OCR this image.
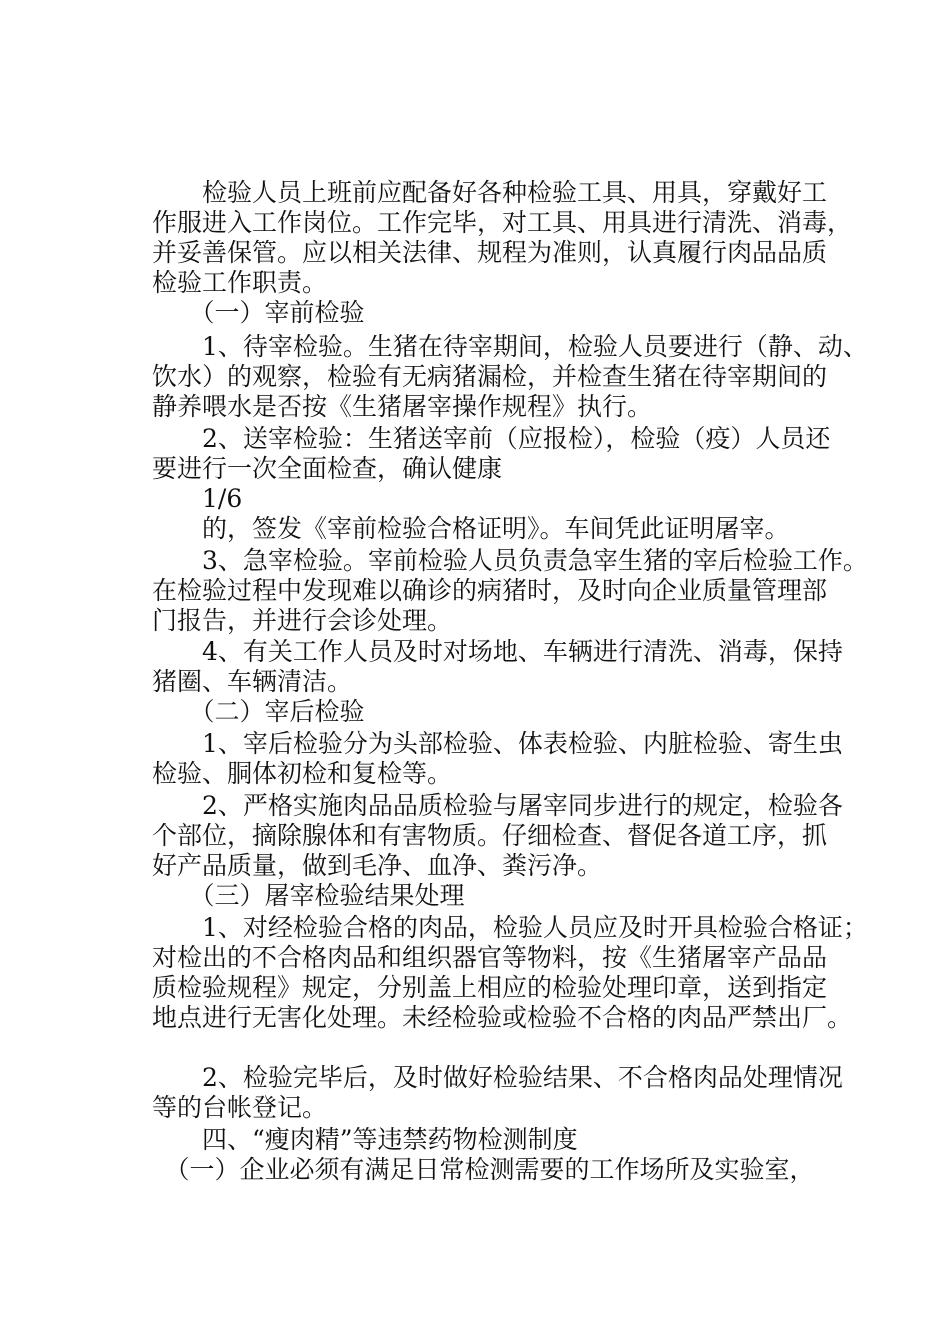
　　检验人员上班前应配备好各种检验工具、用具，穿戴好工
作服进入工作岗位。工作完毕，对工具、用具进行清洗、消毒，
并妥善保管。应以相关法律、规程为准则，认真履行肉品品质
检验工作职责。
　　（一）宰前检验
　　1、待宰检验。生猪在待宰期间，检验人员要进行（静、动、
饮水）的观察，检验有无病猪漏检，并检查生猪在待宰期间的
静养喂水是否按《生猪屠宰操作规程》执行。
　　2、送宰检验：生猪送宰前（应报检），检验（疫）人员还
要进行一次全面检查，确认健康
　　1/6
　　的，签发《宰前检验合格证明》。车间凭此证明屠宰。
　　3、急宰检验。宰前检验人员负责急宰生猪的宰后检验工作。
在检验过程中发现难以确诊的病猪时，及时向企业质量管理部
门报告，并进行会诊处理。
　　4、有关工作人员及时对场地、车辆进行清洗、消毒，保持
猪圈、车辆清洁。
　　（二）宰后检验
　　1、宰后检验分为头部检验、体表检验、内脏检验、寄生虫
检验、胴体初检和复检等。
　　2、严格实施肉品品质检验与屠宰同步进行的规定，检验各
个部位，摘除腺体和有害物质。仔细检查、督促各道工序，抓
好产品质量，做到毛净、血净、粪污净。
　　（三）屠宰检验结果处理
　　1、对经检验合格的肉品，检验人员应及时开具检验合格证；
对检出的不合格肉品和组织器官等物料，按《生猪屠宰产品品
质检验规程》规定，分别盖上相应的检验处理印章，送到指定
地点进行无害化处理。未经检验或检验不合格的肉品严禁出厂。
　　2、检验完毕后，及时做好检验结果、不合格肉品处理情况
等的台帐登记。
　　四、“瘦肉精”等违禁药物检测制度
　（一）企业必须有满足日常检测需要的工作场所及实验室，
